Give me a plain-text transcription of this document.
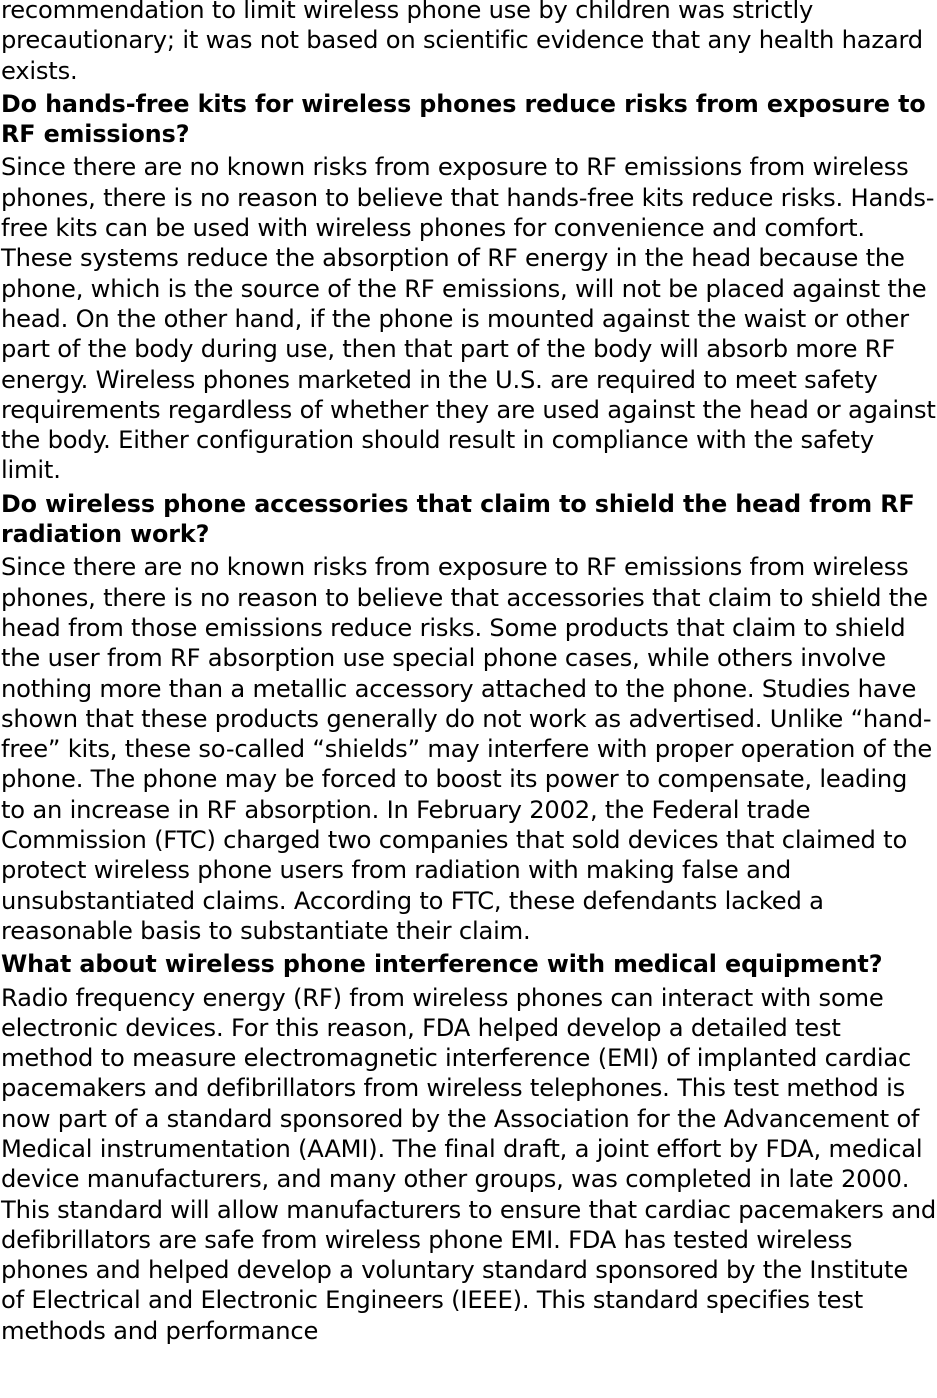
recommendation to limit wireless phone use by children was strictly precautionary; it was not based on scientific evidence that any health hazard exists.

Do hands-free kits for wireless phones reduce risks from exposure to RF emissions?

Since there are no known risks from exposure to RF emissions from wireless phones, there is no reason to believe that hands-free kits reduce risks. Hands-free kits can be used with wireless phones for convenience and comfort. These systems reduce the absorption of RF energy in the head because the phone, which is the source of the RF emissions, will not be placed against the head. On the other hand, if the phone is mounted against the waist or other part of the body during use, then that part of the body will absorb more RF energy. Wireless phones marketed in the U.S. are required to meet safety requirements regardless of whether they are used against the head or against the body. Either configuration should result in compliance with the safety limit.

Do wireless phone accessories that claim to shield the head from RF radiation work?

Since there are no known risks from exposure to RF emissions from wireless phones, there is no reason to believe that accessories that claim to shield the head from those emissions reduce risks. Some products that claim to shield the user from RF absorption use special phone cases, while others involve nothing more than a metallic accessory attached to the phone. Studies have shown that these products generally do not work as advertised. Unlike “hand-free” kits, these so-called “shields” may interfere with proper operation of the phone. The phone may be forced to boost its power to compensate, leading to an increase in RF absorption. In February 2002, the Federal trade Commission (FTC) charged two companies that sold devices that claimed to protect wireless phone users from radiation with making false and unsubstantiated claims. According to FTC, these defendants lacked a reasonable basis to substantiate their claim.

What about wireless phone interference with medical equipment?

Radio frequency energy (RF) from wireless phones can interact with some electronic devices. For this reason, FDA helped develop a detailed test method to measure electromagnetic interference (EMI) of implanted cardiac pacemakers and defibrillators from wireless telephones. This test method is now part of a standard sponsored by the Association for the Advancement of Medical instrumentation (AAMI). The final draft, a joint effort by FDA, medical device manufacturers, and many other groups, was completed in late 2000. This standard will allow manufacturers to ensure that cardiac pacemakers and defibrillators are safe from wireless phone EMI. FDA has tested wireless phones and helped develop a voluntary standard sponsored by the Institute of Electrical and Electronic Engineers (IEEE). This standard specifies test methods and performance
